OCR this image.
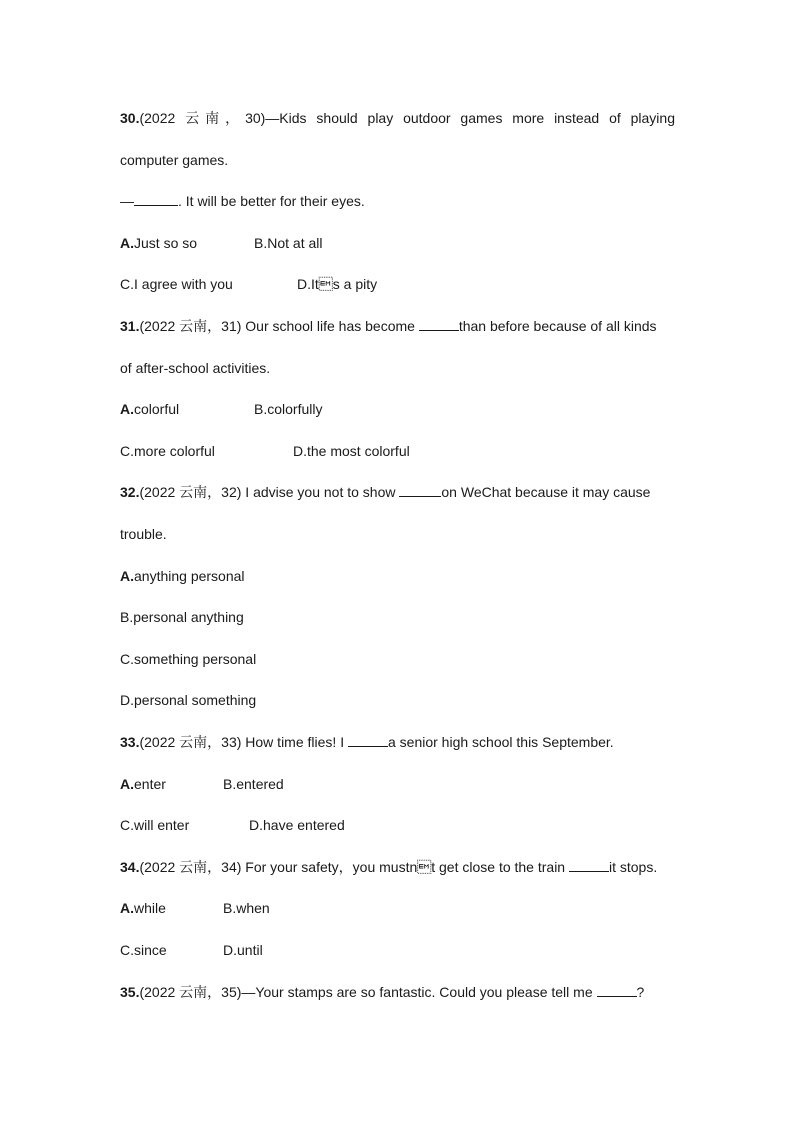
30.(2022 云南，30)—Kids should play outdoor games more instead of playing
computer games.
—	. It will be better for their eyes.
A.Just so so	B.Not at all
C.I agree with you	D.Its a pity
31.(2022 云南，31) Our school life has become	than before because of all kinds
of after-school activities.
A.colorful	B.colorfully
C.more colorful	D.the most colorful
32.(2022 云南，32) I advise you not to show	on WeChat because it may cause
trouble.
A.anything personal
B.personal anything
C.something personal
D.personal something
33.(2022 云南，33) How time flies! I	a senior high school this September.
A.enter	B.entered
C.will enter	D.have entered
34.(2022 云南，34) For your safety，you mustnt get close to the train	it stops.
A.while	B.when
C.since	D.until
35.(2022 云南，35)—Your stamps are so fantastic. Could you please tell me	?
